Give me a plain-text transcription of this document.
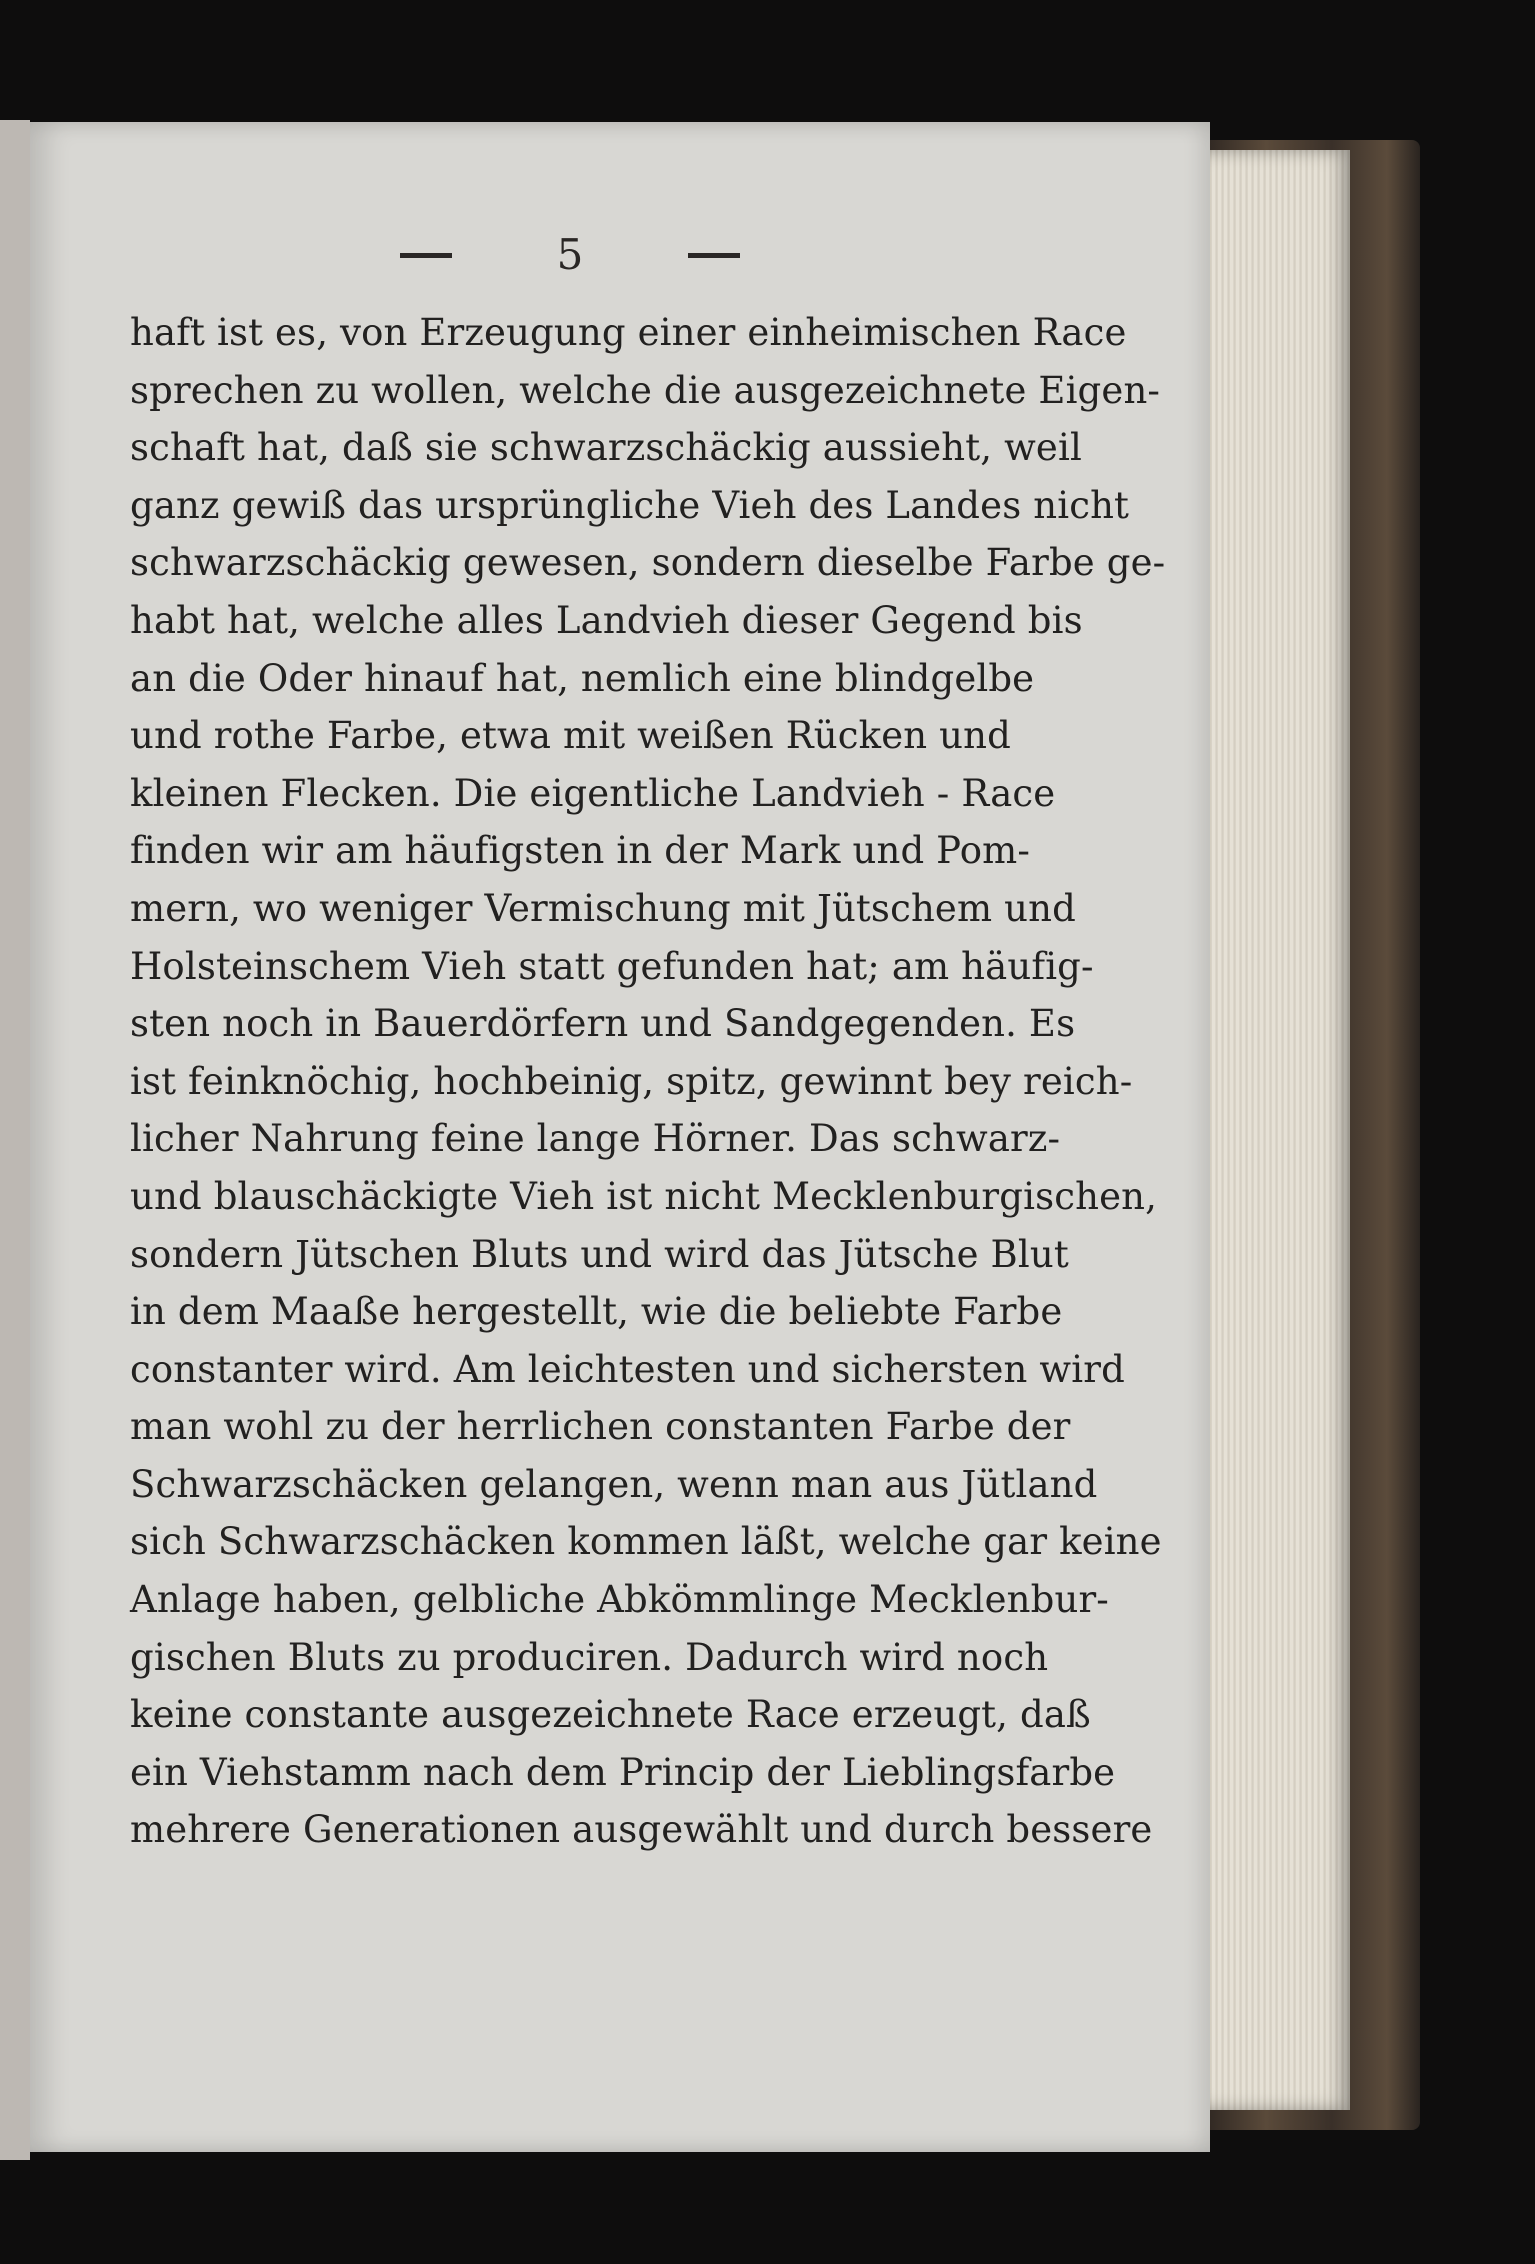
5
haft ist es, von Erzeugung einer einheimischen Race
sprechen zu wollen, welche die ausgezeichnete Eigen-
schaft hat, daß sie schwarzschäckig aussieht, weil
ganz gewiß das ursprüngliche Vieh des Landes nicht
schwarzschäckig gewesen, sondern dieselbe Farbe ge-
habt hat, welche alles Landvieh dieser Gegend bis
an die Oder hinauf hat, nemlich eine blindgelbe
und rothe Farbe, etwa mit weißen Rücken und
kleinen Flecken. Die eigentliche Landvieh - Race
finden wir am häufigsten in der Mark und Pom-
mern, wo weniger Vermischung mit Jütschem und
Holsteinschem Vieh statt gefunden hat; am häufig-
sten noch in Bauerdörfern und Sandgegenden. Es
ist feinknöchig, hochbeinig, spitz, gewinnt bey reich-
licher Nahrung feine lange Hörner. Das schwarz-
und blauschäckigte Vieh ist nicht Mecklenburgischen,
sondern Jütschen Bluts und wird das Jütsche Blut
in dem Maaße hergestellt, wie die beliebte Farbe
constanter wird. Am leichtesten und sichersten wird
man wohl zu der herrlichen constanten Farbe der
Schwarzschäcken gelangen, wenn man aus Jütland
sich Schwarzschäcken kommen läßt, welche gar keine
Anlage haben, gelbliche Abkömmlinge Mecklenbur-
gischen Bluts zu produciren. Dadurch wird noch
keine constante ausgezeichnete Race erzeugt, daß
ein Viehstamm nach dem Princip der Lieblingsfarbe
mehrere Generationen ausgewählt und durch bessere
